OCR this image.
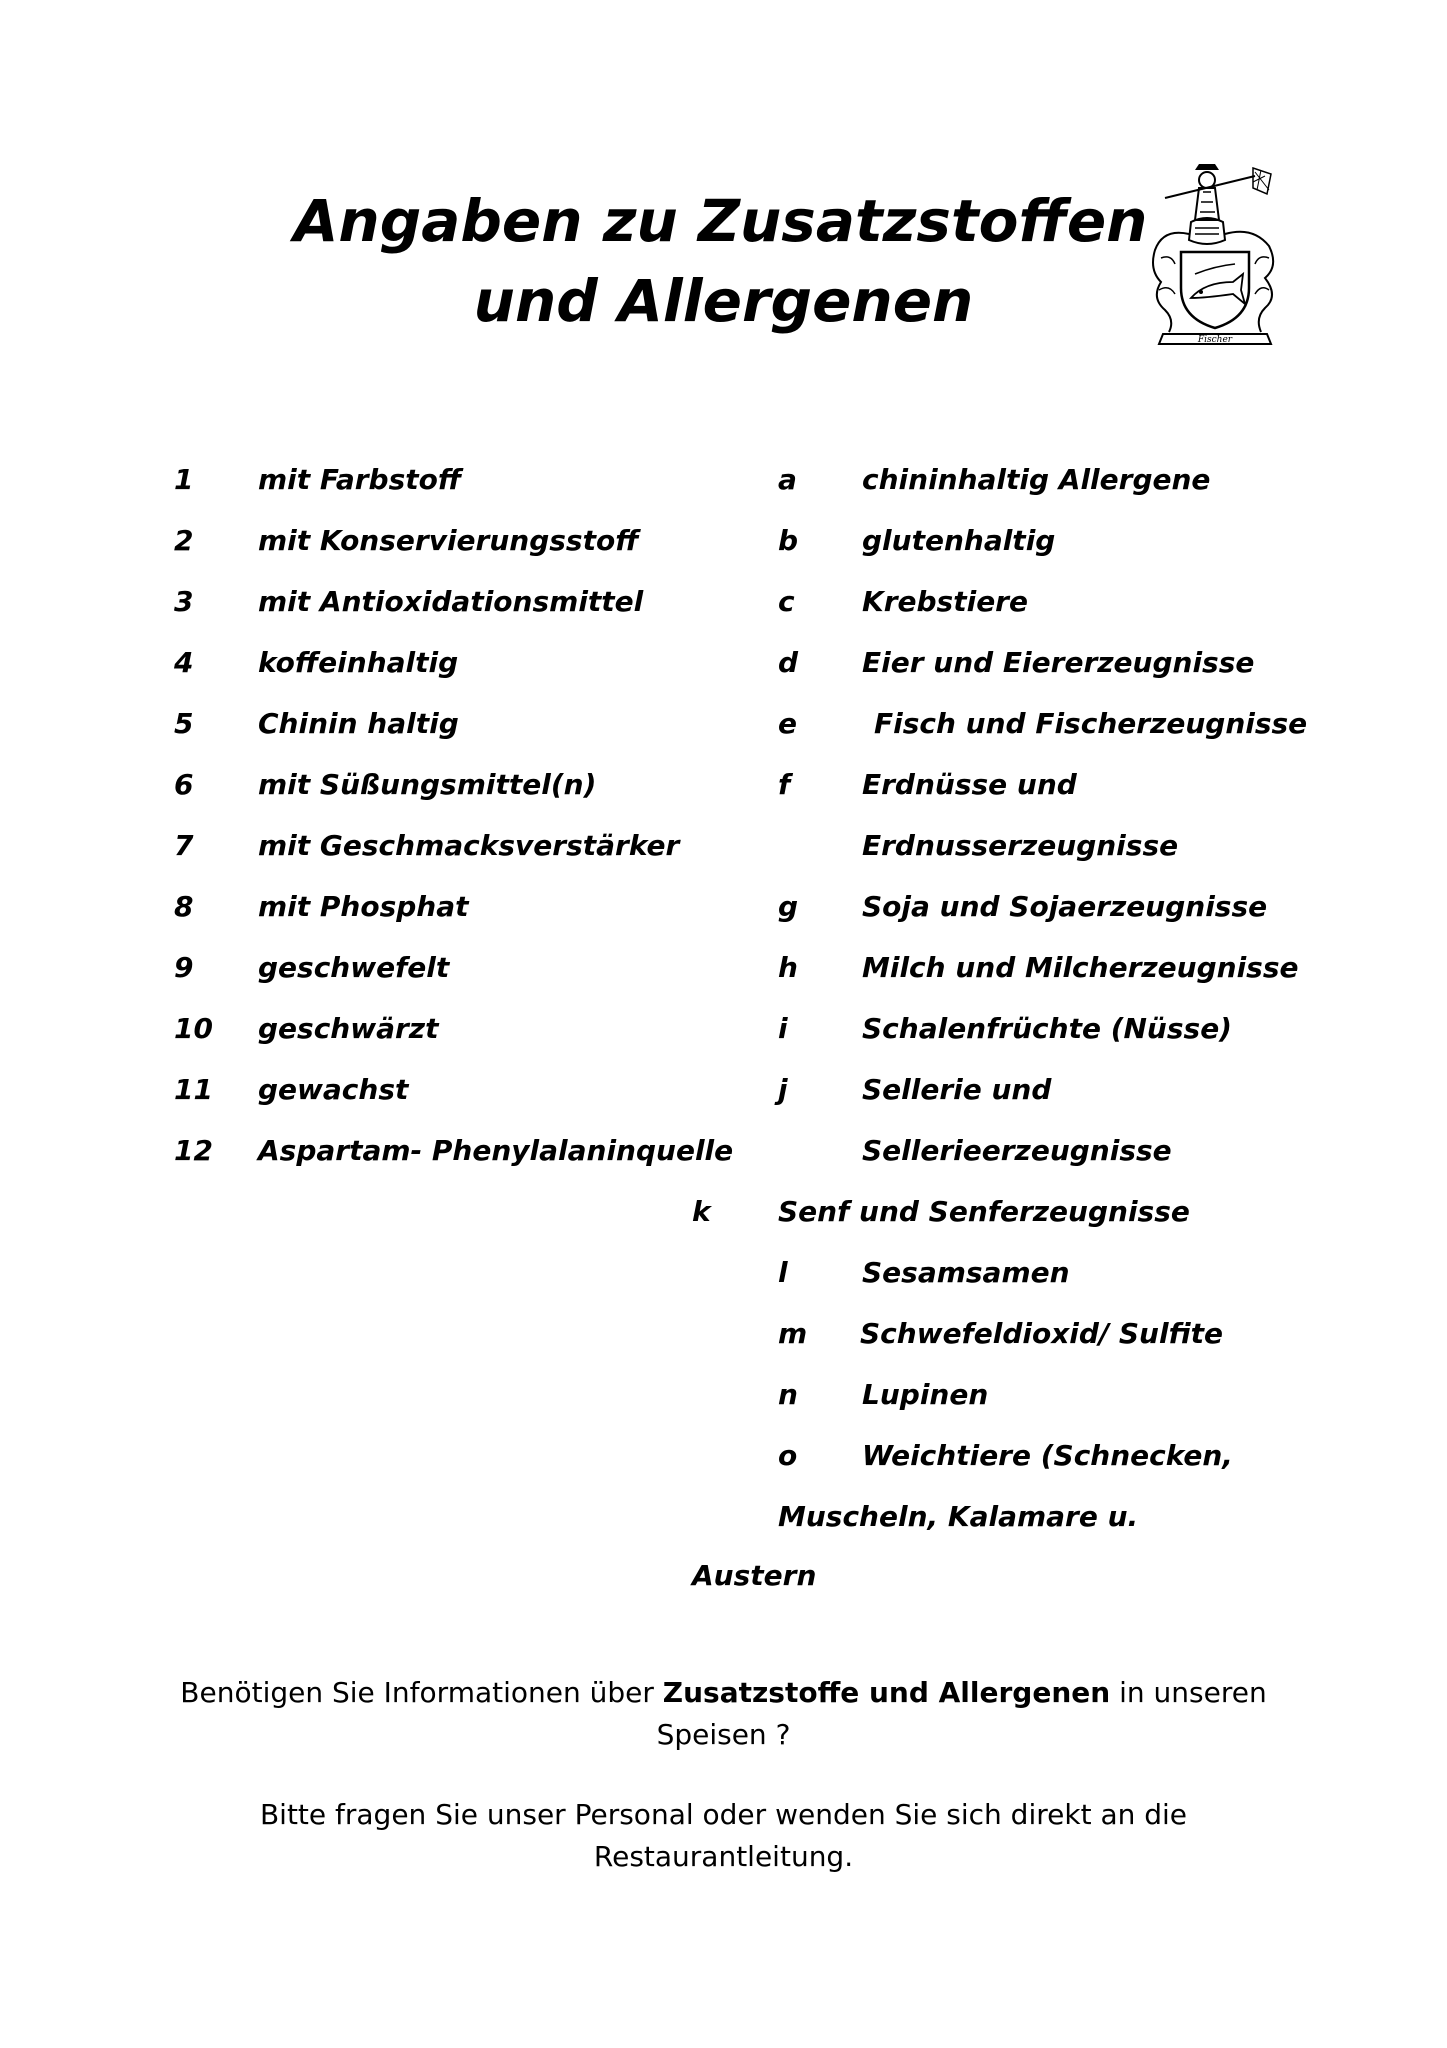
Angaben zu Zusatzstoffen
und Allergenen
Fischer
1 mit Farbstoff
2 mit Konservierungsstoff
3 mit Antioxidationsmittel
4 koffeinhaltig
5 Chinin haltig
6 mit Süßungsmittel(n)
7 mit Geschmacksverstärker
8 mit Phosphat
9 geschwefelt
10 geschwärzt
11 gewachst
12 Aspartam- Phenylalaninquelle
a chininhaltig Allergene
b glutenhaltig
c Krebstiere
d Eier und Eiererzeugnisse
e	Fisch und Fischerzeugnisse
f	Erdnüsse und
Erdnusserzeugnisse
g Soja und Sojaerzeugnisse
h Milch und Milcherzeugnisse
i	Schalenfrüchte (Nüsse)
j	Sellerie und
Sellerieerzeugnisse
k Senf und Senferzeugnisse
l	Sesamsamen
m Schwefeldioxid/ Sulfite
n Lupinen
o Weichtiere (Schnecken,
Muscheln, Kalamare u.
Austern
Benötigen Sie Informationen über Zusatzstoffe und Allergenen in unseren
Speisen ?
Bitte fragen Sie unser Personal oder wenden Sie sich direkt an die
Restaurantleitung.
